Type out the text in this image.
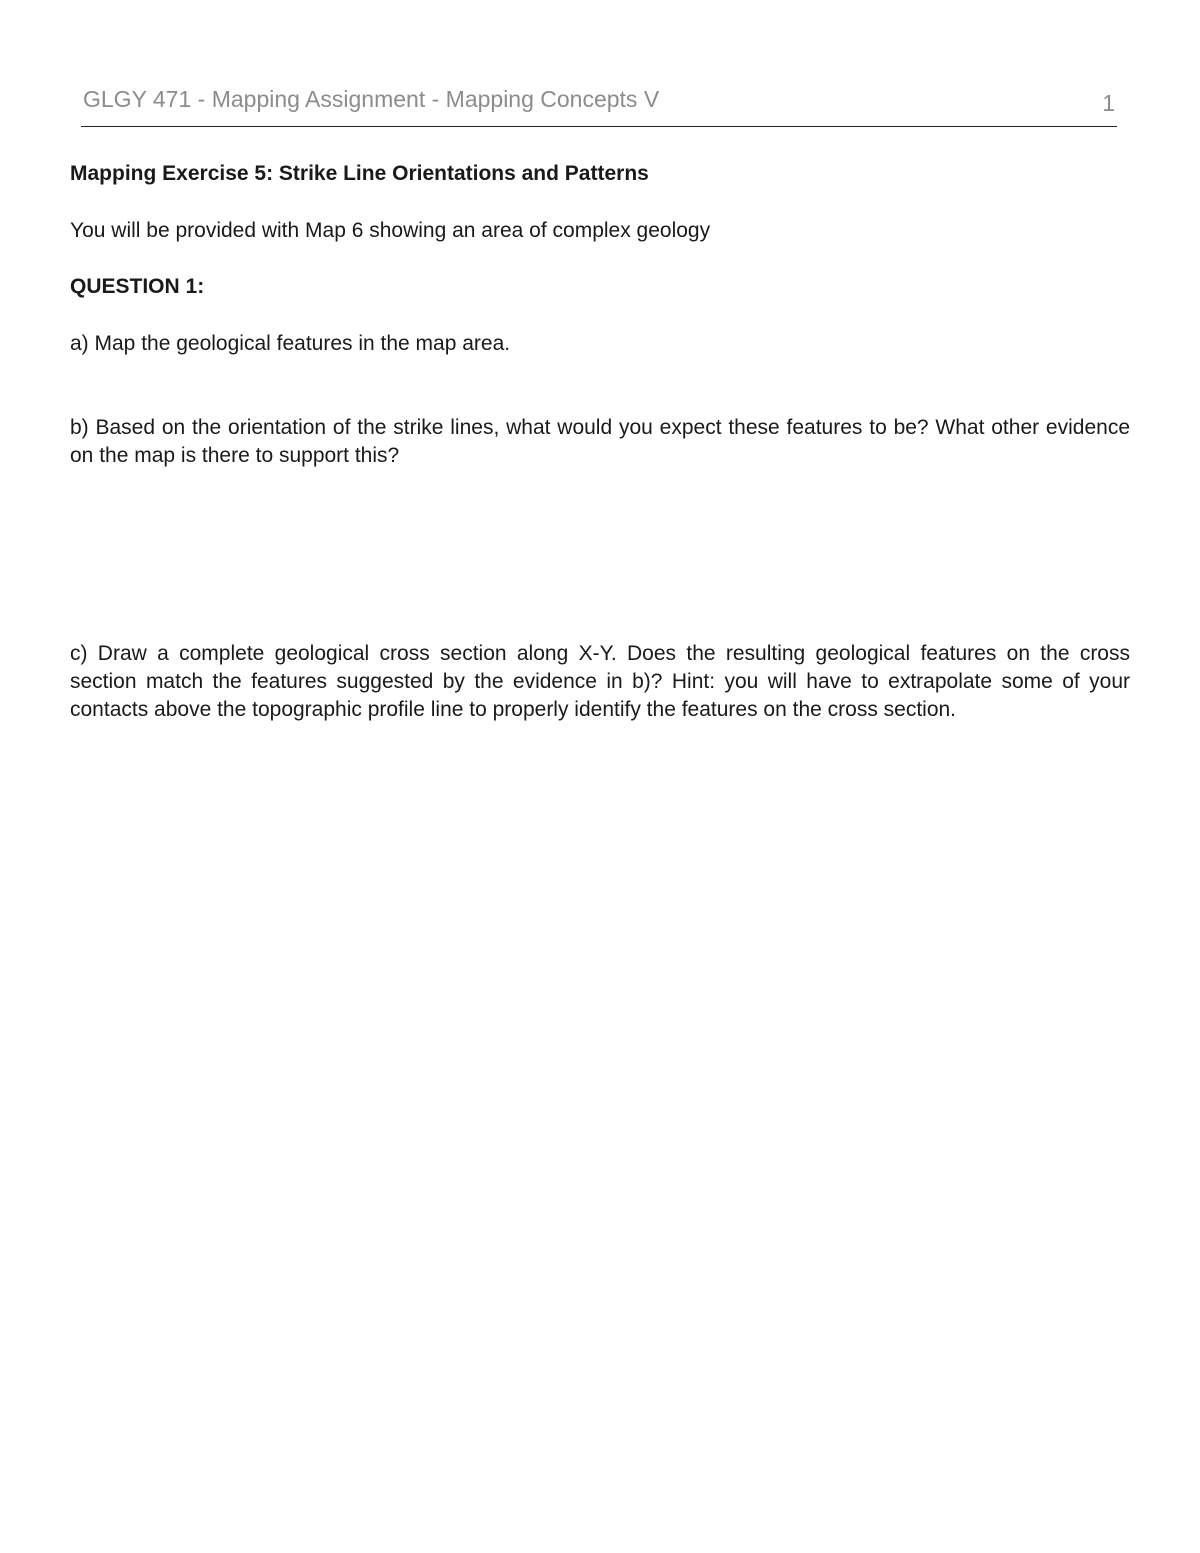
GLGY 471 - Mapping Assignment - Mapping Concepts V	1
Mapping Exercise 5: Strike Line Orientations and Patterns
You will be provided with Map 6 showing an area of complex geology
QUESTION 1:
a) Map the geological features in the map area.
b) Based on the orientation of the strike lines, what would you expect these features to be? What other evidence on the map is there to support this?
c) Draw a complete geological cross section along X-Y. Does the resulting geological features on the cross section match the features suggested by the evidence in b)? Hint: you will have to extrapolate some of your contacts above the topographic profile line to properly identify the features on the cross section.
